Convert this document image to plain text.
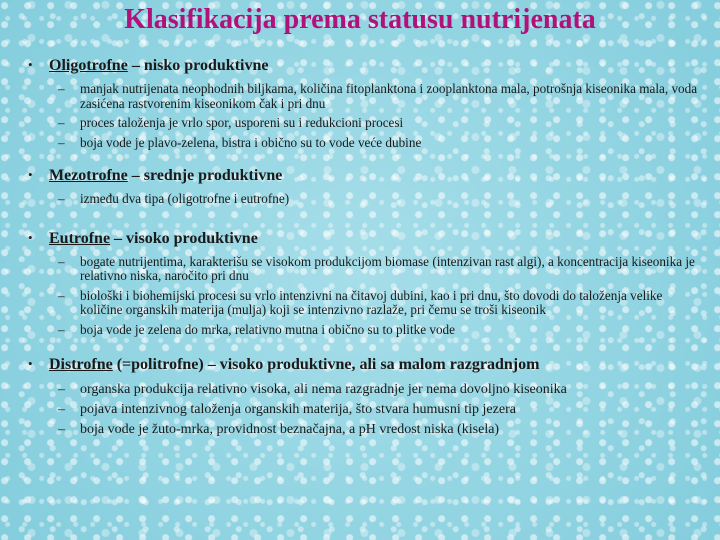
Klasifikacija prema statusu nutrijenata
• Oligotrofne – nisko produktivne
– manjak nutrijenata neophodnih biljkama, količina fitoplanktona i zooplanktona mala, potrošnja kiseonika mala, voda zasićena rastvorenim kiseonikom čak i pri dnu
– proces taloženja je vrlo spor, usporeni su i redukcioni procesi
– boja vode je plavo-zelena, bistra i obično su to vode veće dubine
• Mezotrofne – srednje produktivne
– između dva tipa (oligotrofne i eutrofne)
• Eutrofne – visoko produktivne
– bogate nutrijentima, karakterišu se visokom produkcijom biomase (intenzivan rast algi), a koncentracija kiseonika je relativno niska, naročito pri dnu
– biološki i biohemijski procesi su vrlo intenzivni na čitavoj dubini, kao i pri dnu, što dovodi do taloženja velike količine organskih materija (mulja) koji se intenzivno razlaže, pri čemu se troši kiseonik
– boja vode je zelena do mrka, relativno mutna i obično su to plitke vode
• Distrofne (=politrofne) – visoko produktivne, ali sa malom razgradnjom
– organska produkcija relativno visoka, ali nema razgradnje jer nema dovoljno kiseonika
– pojava intenzivnog taloženja organskih materija, što stvara humusni tip jezera
– boja vode je žuto-mrka, providnost beznačajna, a pH vredost niska (kisela)
